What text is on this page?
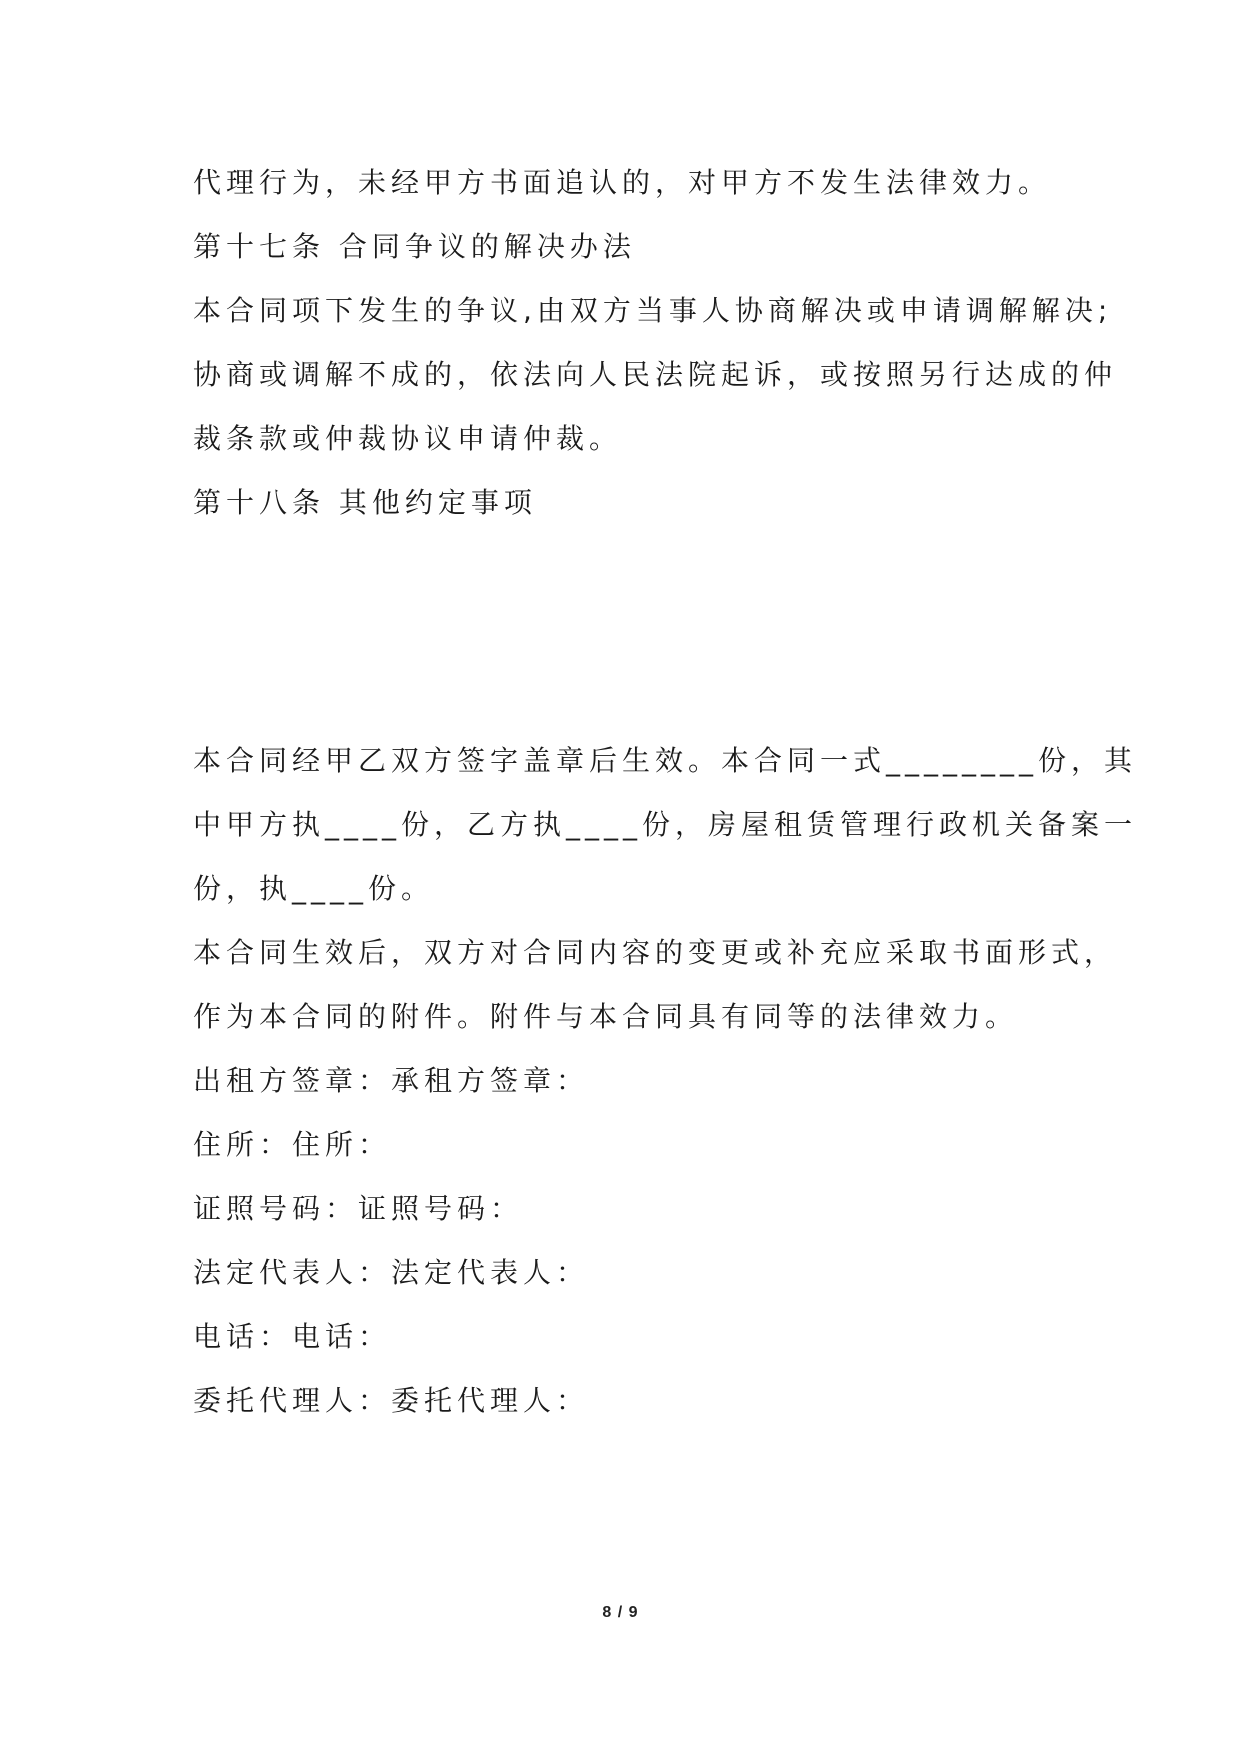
代理行为，未经甲方书面追认的，对甲方不发生法律效力。
第十七条 合同争议的解决办法
本合同项下发生的争议,由双方当事人协商解决或申请调解解决;
协商或调解不成的，依法向人民法院起诉，或按照另行达成的仲
裁条款或仲裁协议申请仲裁。
第十八条 其他约定事项
本合同经甲乙双方签字盖章后生效。本合同一式________份，其
中甲方执____份，乙方执____份，房屋租赁管理行政机关备案一
份，执____份。
本合同生效后，双方对合同内容的变更或补充应采取书面形式，
作为本合同的附件。附件与本合同具有同等的法律效力。
出租方签章：承租方签章：
住所：住所：
证照号码：证照号码：
法定代表人：法定代表人：
电话：电话：
委托代理人：委托代理人：
8 / 9
